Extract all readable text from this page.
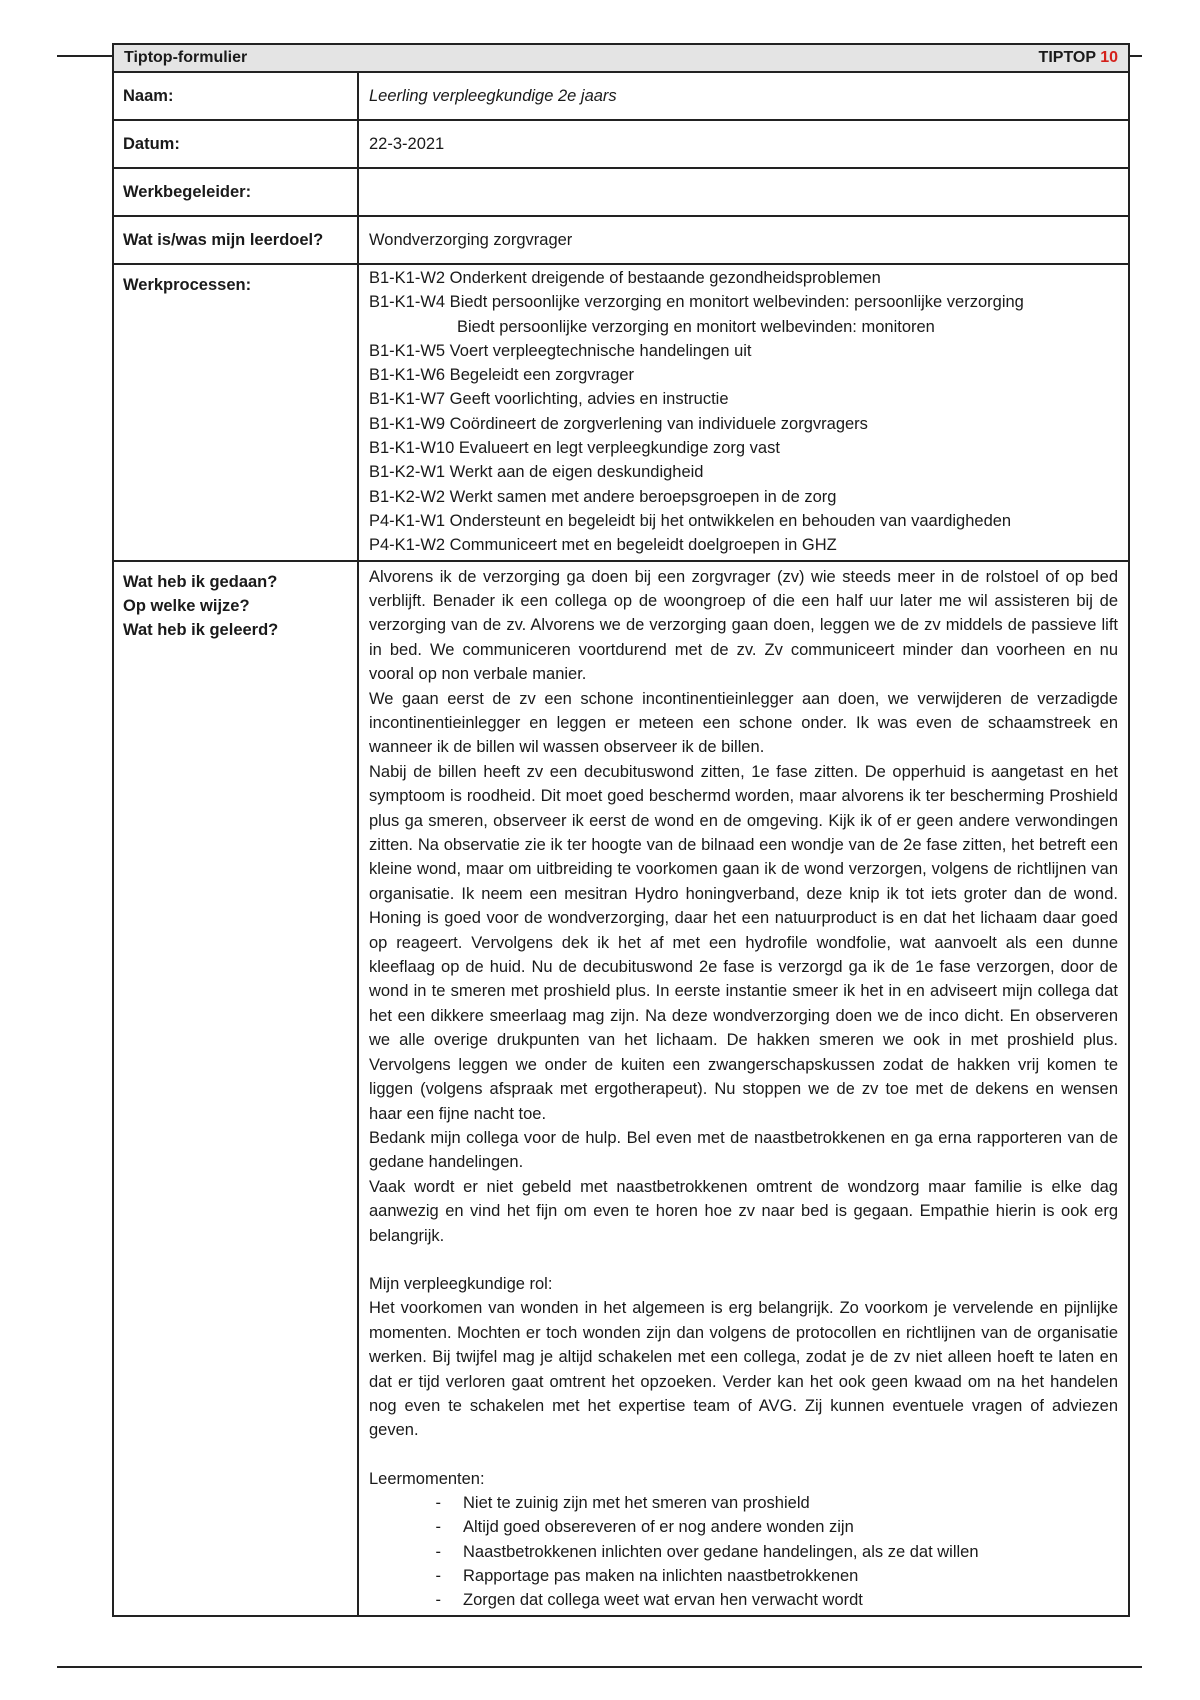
Tiptop-formulier	TIPTOP 10
Naam:	Leerling verpleegkundige 2e jaars
Datum:	22-3-2021
Werkbegeleider:
Wat is/was mijn leerdoel?	Wondverzorging zorgvrager
Werkprocessen:	B1-K1-W2 Onderkent dreigende of bestaande gezondheidsproblemen
B1-K1-W4 Biedt persoonlijke verzorging en monitort welbevinden: persoonlijke verzorging
Biedt persoonlijke verzorging en monitort welbevinden: monitoren
B1-K1-W5 Voert verpleegtechnische handelingen uit
B1-K1-W6 Begeleidt een zorgvrager
B1-K1-W7 Geeft voorlichting, advies en instructie
B1-K1-W9 Coördineert de zorgverlening van individuele zorgvragers
B1-K1-W10 Evalueert en legt verpleegkundige zorg vast
B1-K2-W1 Werkt aan de eigen deskundigheid
B1-K2-W2 Werkt samen met andere beroepsgroepen in de zorg
P4-K1-W1 Ondersteunt en begeleidt bij het ontwikkelen en behouden van vaardigheden
P4-K1-W2 Communiceert met en begeleidt doelgroepen in GHZ
Wat heb ik gedaan?
Op welke wijze?
Wat heb ik geleerd?

Alvorens ik de verzorging ga doen bij een zorgvrager (zv) wie steeds meer in de rolstoel of op bed verblijft. Benader ik een collega op de woongroep of die een half uur later me wil assisteren bij de verzorging van de zv. Alvorens we de verzorging gaan doen, leggen we de zv middels de passieve lift in bed. We communiceren voortdurend met de zv. Zv communiceert minder dan voorheen en nu vooral op non verbale manier.

We gaan eerst de zv een schone incontinentieinlegger aan doen, we verwijderen de verzadigde incontinentieinlegger en leggen er meteen een schone onder. Ik was even de schaamstreek en wanneer ik de billen wil wassen observeer ik de billen.

Nabij de billen heeft zv een decubituswond zitten, 1e fase zitten. De opperhuid is aangetast en het symptoom is roodheid. Dit moet goed beschermd worden, maar alvorens ik ter bescherming Proshield plus ga smeren, observeer ik eerst de wond en de omgeving. Kijk ik of er geen andere verwondingen zitten. Na observatie zie ik ter hoogte van de bilnaad een wondje van de 2e fase zitten, het betreft een kleine wond, maar om uitbreiding te voorkomen gaan ik de wond verzorgen, volgens de richtlijnen van organisatie. Ik neem een mesitran Hydro honingverband, deze knip ik tot iets groter dan de wond. Honing is goed voor de wondverzorging, daar het een natuurproduct is en dat het lichaam daar goed op reageert. Vervolgens dek ik het af met een hydrofile wondfolie, wat aanvoelt als een dunne kleeflaag op de huid. Nu de decubituswond 2e fase is verzorgd ga ik de 1e fase verzorgen, door de wond in te smeren met proshield plus. In eerste instantie smeer ik het in en adviseert mijn collega dat het een dikkere smeerlaag mag zijn. Na deze wondverzorging doen we de inco dicht. En observeren we alle overige drukpunten van het lichaam. De hakken smeren we ook in met proshield plus. Vervolgens leggen we onder de kuiten een zwangerschapskussen zodat de hakken vrij komen te liggen (volgens afspraak met ergotherapeut). Nu stoppen we de zv toe met de dekens en wensen haar een fijne nacht toe.

Bedank mijn collega voor de hulp. Bel even met de naastbetrokkenen en ga erna rapporteren van de gedane handelingen.

Vaak wordt er niet gebeld met naastbetrokkenen omtrent de wondzorg maar familie is elke dag aanwezig en vind het fijn om even te horen hoe zv naar bed is gegaan. Empathie hierin is ook erg belangrijk.

Mijn verpleegkundige rol:

Het voorkomen van wonden in het algemeen is erg belangrijk. Zo voorkom je vervelende en pijnlijke momenten. Mochten er toch wonden zijn dan volgens de protocollen en richtlijnen van de organisatie werken. Bij twijfel mag je altijd schakelen met een collega, zodat je de zv niet alleen hoeft te laten en dat er tijd verloren gaat omtrent het opzoeken. Verder kan het ook geen kwaad om na het handelen nog even te schakelen met het expertise team of AVG. Zij kunnen eventuele vragen of adviezen geven.

Leermomenten:

-	Niet te zuinig zijn met het smeren van proshield
-	Altijd goed obsereveren of er nog andere wonden zijn
-	Naastbetrokkenen inlichten over gedane handelingen, als ze dat willen
-	Rapportage pas maken na inlichten naastbetrokkenen
-	Zorgen dat collega weet wat ervan hen verwacht wordt
